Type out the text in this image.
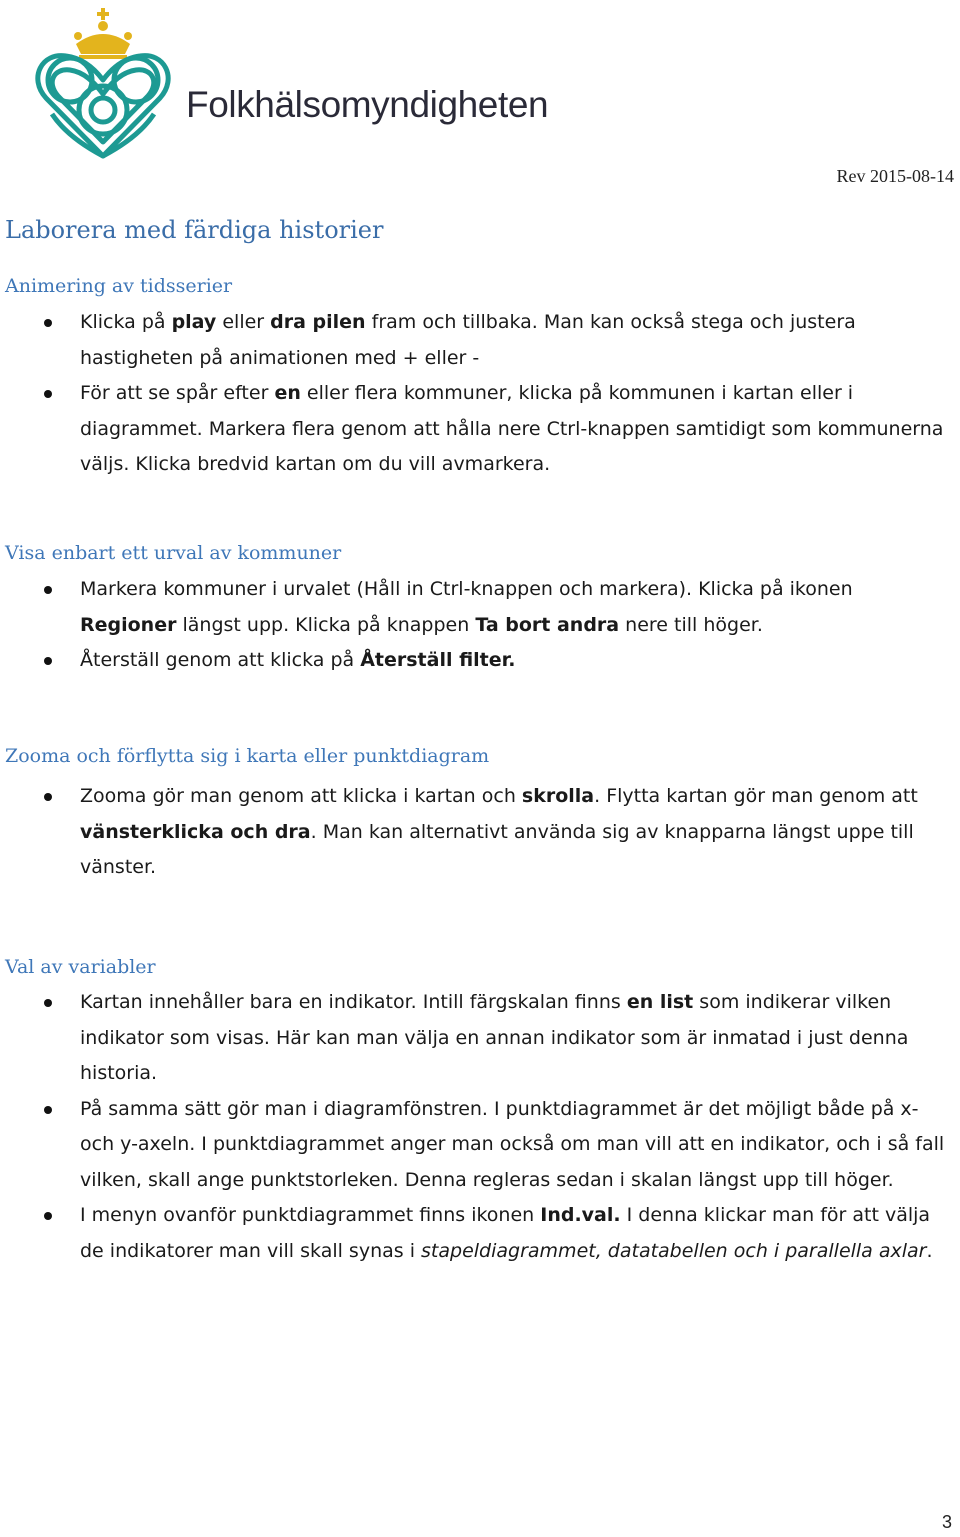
Folkhälsomyndigheten
Rev 2015-08-14
Laborera med färdiga historier
Animering av tidsserier
Klicka på play eller dra pilen fram och tillbaka. Man kan också stega och justera hastigheten på animationen med + eller -
För att se spår efter en eller flera kommuner, klicka på kommunen i kartan eller i diagrammet. Markera flera genom att hålla nere Ctrl-knappen samtidigt som kommunerna väljs. Klicka bredvid kartan om du vill avmarkera.
Visa enbart ett urval av kommuner
Markera kommuner i urvalet (Håll in Ctrl-knappen och markera). Klicka på ikonen Regioner längst upp. Klicka på knappen Ta bort andra nere till höger.
Återställ genom att klicka på Återställ filter.
Zooma och förflytta sig i karta eller punktdiagram
Zooma gör man genom att klicka i kartan och skrolla. Flytta kartan gör man genom att vänsterklicka och dra. Man kan alternativt använda sig av knapparna längst uppe till vänster.
Val av variabler
Kartan innehåller bara en indikator. Intill färgskalan finns en list som indikerar vilken indikator som visas. Här kan man välja en annan indikator som är inmatad i just denna historia.
På samma sätt gör man i diagramfönstren. I punktdiagrammet är det möjligt både på x- och y-axeln. I punktdiagrammet anger man också om man vill att en indikator, och i så fall vilken, skall ange punktstorleken. Denna regleras sedan i skalan längst upp till höger.
I menyn ovanför punktdiagrammet finns ikonen Ind.val. I denna klickar man för att välja de indikatorer man vill skall synas i stapeldiagrammet, datatabellen och i parallella axlar.
3
